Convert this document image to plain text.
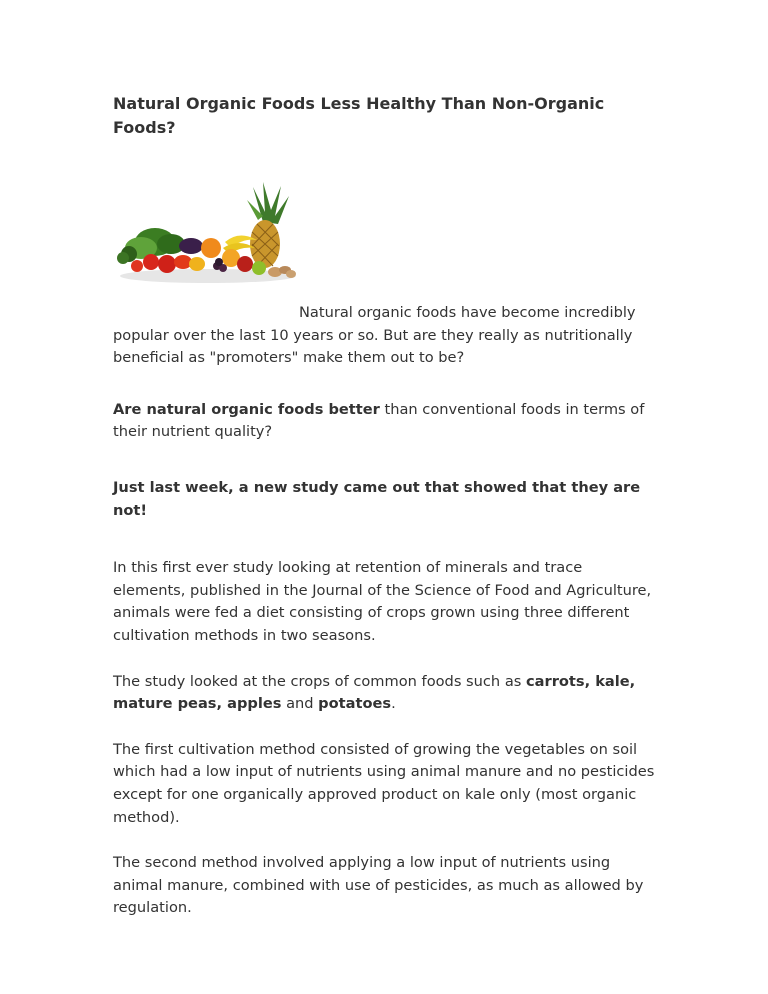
Natural Organic Foods Less Healthy Than Non-Organic Foods?

Natural organic foods have become incredibly popular over the last 10 years or so. But are they really as nutritionally beneficial as "promoters" make them out to be?

Are natural organic foods better than conventional foods in terms of their nutrient quality?

Just last week, a new study came out that showed that they are not!

In this first ever study looking at retention of minerals and trace elements, published in the Journal of the Science of Food and Agriculture, animals were fed a diet consisting of crops grown using three different cultivation methods in two seasons.

The study looked at the crops of common foods such as carrots, kale, mature peas, apples and potatoes.

The first cultivation method consisted of growing the vegetables on soil which had a low input of nutrients using animal manure and no pesticides except for one organically approved product on kale only (most organic method).

The second method involved applying a low input of nutrients using animal manure, combined with use of pesticides, as much as allowed by regulation.
